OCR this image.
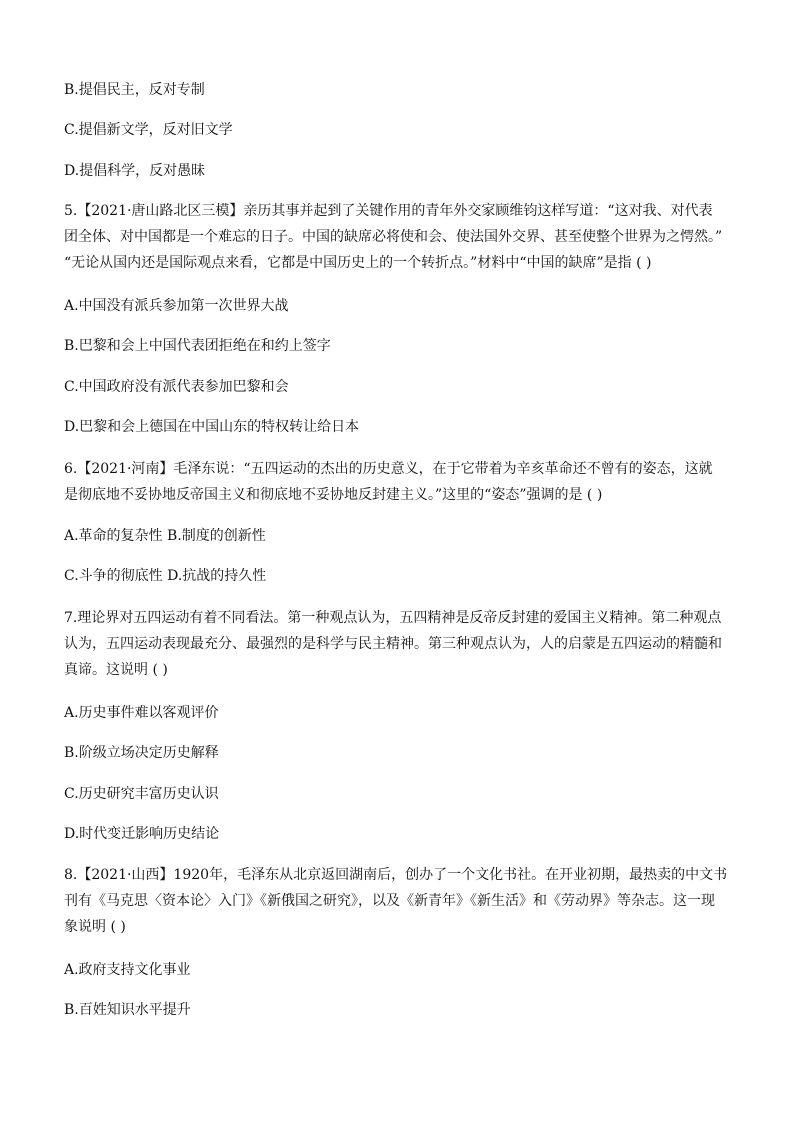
B.提倡民主，反对专制
C.提倡新文学，反对旧文学
D.提倡科学，反对愚昧
5.【2021·唐山路北区三模】亲历其事并起到了关键作用的青年外交家顾维钧这样写道：“这对我、对代表
团全体、对中国都是一个难忘的日子。中国的缺席必将使和会、使法国外交界、甚至使整个世界为之愕然。”
“无论从国内还是国际观点来看，它都是中国历史上的一个转折点。”材料中“中国的缺席”是指 ( )
A.中国没有派兵参加第一次世界大战
B.巴黎和会上中国代表团拒绝在和约上签字
C.中国政府没有派代表参加巴黎和会
D.巴黎和会上德国在中国山东的特权转让给日本
6.【2021·河南】毛泽东说：“五四运动的杰出的历史意义，在于它带着为辛亥革命还不曾有的姿态，这就
是彻底地不妥协地反帝国主义和彻底地不妥协地反封建主义。”这里的“姿态”强调的是 ( )
A.革命的复杂性 B.制度的创新性
C.斗争的彻底性 D.抗战的持久性
7.理论界对五四运动有着不同看法。第一种观点认为，五四精神是反帝反封建的爱国主义精神。第二种观点
认为，五四运动表现最充分、最强烈的是科学与民主精神。第三种观点认为，人的启蒙是五四运动的精髓和
真谛。这说明 ( )
A.历史事件难以客观评价
B.阶级立场决定历史解释
C.历史研究丰富历史认识
D.时代变迁影响历史结论
8.【2021·山西】1920年，毛泽东从北京返回湖南后，创办了一个文化书社。在开业初期，最热卖的中文书
刊有《马克思〈资本论〉入门》《新俄国之研究》，以及《新青年》《新生活》和《劳动界》等杂志。这一现
象说明 ( )
A.政府支持文化事业
B.百姓知识水平提升
